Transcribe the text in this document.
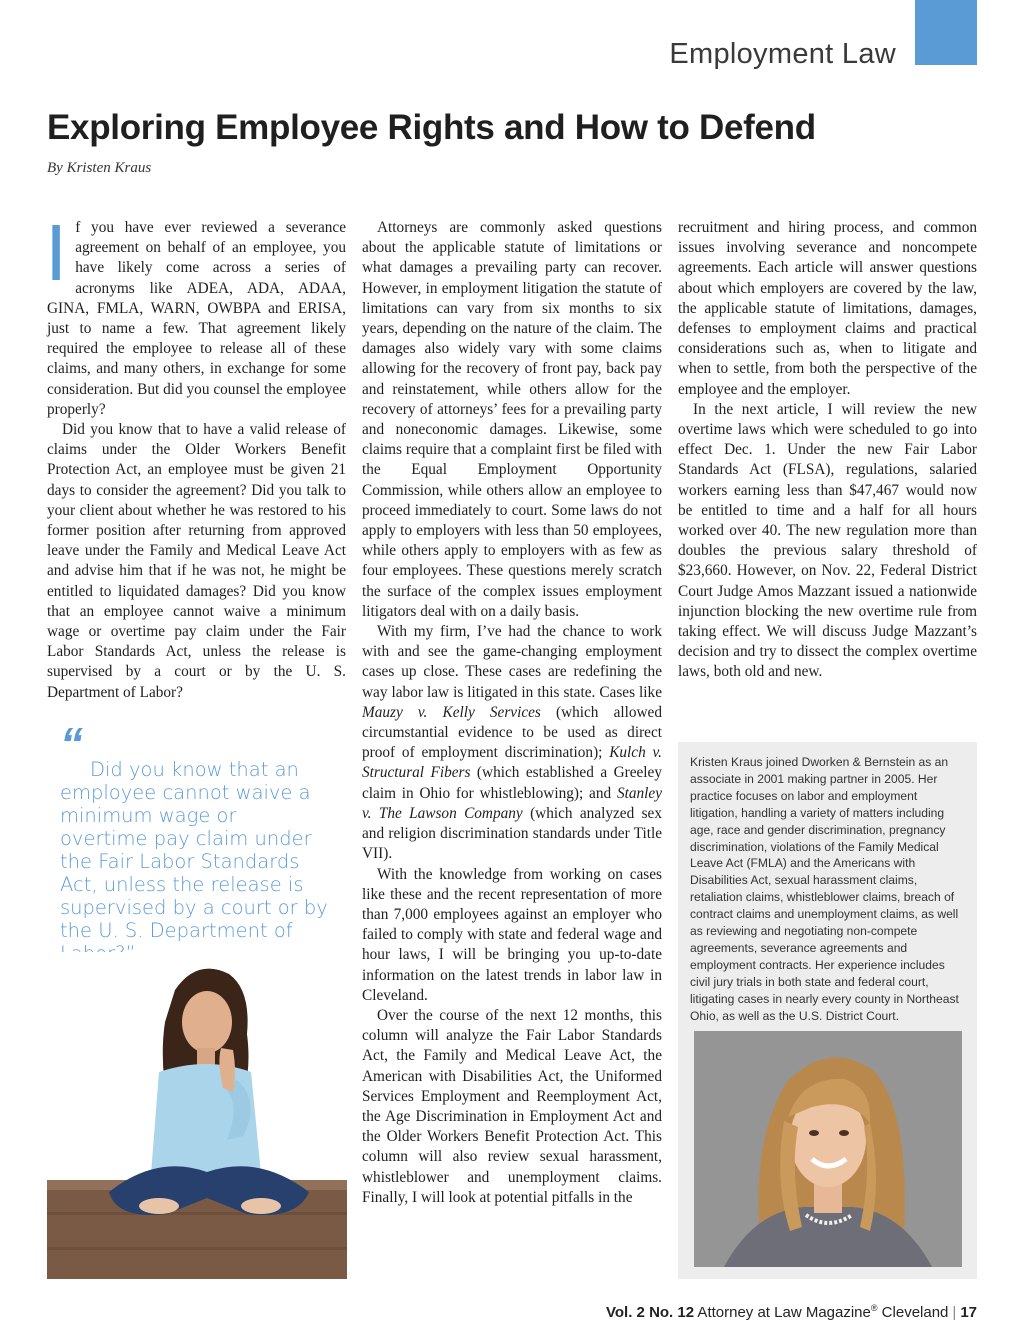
Employment Law
Exploring Employee Rights and How to Defend
By Kristen Kraus

If you have ever reviewed a severance agreement on behalf of an employee, you have likely come across a series of acronyms like ADEA, ADA, ADAA, GINA, FMLA, WARN, OWBPA and ERISA, just to name a few. That agreement likely required the employee to release all of these claims, and many others, in exchange for some consideration. But did you counsel the employee properly?

Did you know that to have a valid release of claims under the Older Workers Benefit Protection Act, an employee must be given 21 days to consider the agreement? Did you talk to your client about whether he was restored to his former position after returning from approved leave under the Family and Medical Leave Act and advise him that if he was not, he might be entitled to liquidated damages? Did you know that an employee cannot waive a minimum wage or overtime pay claim under the Fair Labor Standards Act, unless the release is supervised by a court or by the U. S. Department of Labor?

“ Did you know that an employee cannot waive a minimum wage or overtime pay claim under the Fair Labor Standards Act, unless the release is supervised by a court or by the U. S. Department of

Attorneys are commonly asked questions about the applicable statute of limitations or what damages a prevailing party can recover. However, in employment litigation the statute of limitations can vary from six months to six years, depending on the nature of the claim. The damages also widely vary with some claims allowing for the recovery of front pay, back pay and reinstatement, while others allow for the recovery of attorneys’ fees for a prevailing party and noneconomic damages. Likewise, some claims require that a complaint first be filed with the Equal Employment Opportunity Commission, while others allow an employee to proceed immediately to court. Some laws do not apply to employers with less than 50 employees, while others apply to employers with as few as four employees. These questions merely scratch the surface of the complex issues employment litigators deal with on a daily basis.

With my firm, I’ve had the chance to work with and see the game-changing employment cases up close. These cases are redefining the way labor law is litigated in this state. Cases like Mauzy v. Kelly Services (which allowed circumstantial evidence to be used as direct proof of employment discrimination); Kulch v. Structural Fibers (which established a Greeley claim in Ohio for whistleblowing); and Stanley v. The Lawson Company (which analyzed sex and religion discrimination standards under Title VII).

With the knowledge from working on cases like these and the recent representation of more than 7,000 employees against an employer who failed to comply with state and federal wage and hour laws, I will be bringing you up-to-date information on the latest trends in labor law in Cleveland.

Over the course of the next 12 months, this column will analyze the Fair Labor Standards Act, the Family and Medical Leave Act, the American with Disabilities Act, the Uniformed Services Employment and Reemployment Act, the Age Discrimination in Employment Act and the Older Workers Benefit Protection Act. This column will also review sexual harassment, whistleblower and unemployment claims. Finally, I will look at potential pitfalls in the

recruitment and hiring process, and common issues involving severance and noncompete agreements. Each article will answer questions about which employers are covered by the law, the applicable statute of limitations, damages, defenses to employment claims and practical considerations such as, when to litigate and when to settle, from both the perspective of the employee and the employer.

In the next article, I will review the new overtime laws which were scheduled to go into effect Dec. 1. Under the new Fair Labor Standards Act (FLSA), regulations, salaried workers earning less than $47,467 would now be entitled to time and a half for all hours worked over 40. The new regulation more than doubles the previous salary threshold of $23,660. However, on Nov. 22, Federal District Court Judge Amos Mazzant issued a nationwide injunction blocking the new overtime rule from taking effect. We will discuss Judge Mazzant’s decision and try to dissect the complex overtime laws, both old and new.

Kristen Kraus joined Dworken & Bernstein as an associate in 2001 making partner in 2005. Her practice focuses on labor and employment litigation, handling a variety of matters including age, race and gender discrimination, pregnancy discrimination, violations of the Family Medical Leave Act (FMLA) and the Americans with Disabilities Act, sexual harassment claims, retaliation claims, whistleblower claims, breach of contract claims and unemployment claims, as well as reviewing and negotiating non-compete agreements, severance agreements and employment contracts. Her experience includes civil jury trials in both state and federal court, litigating cases in nearly every county in Northeast Ohio, as well as the U.S. District Court.

Vol. 2 No. 12 Attorney at Law Magazine® Cleveland | 17
